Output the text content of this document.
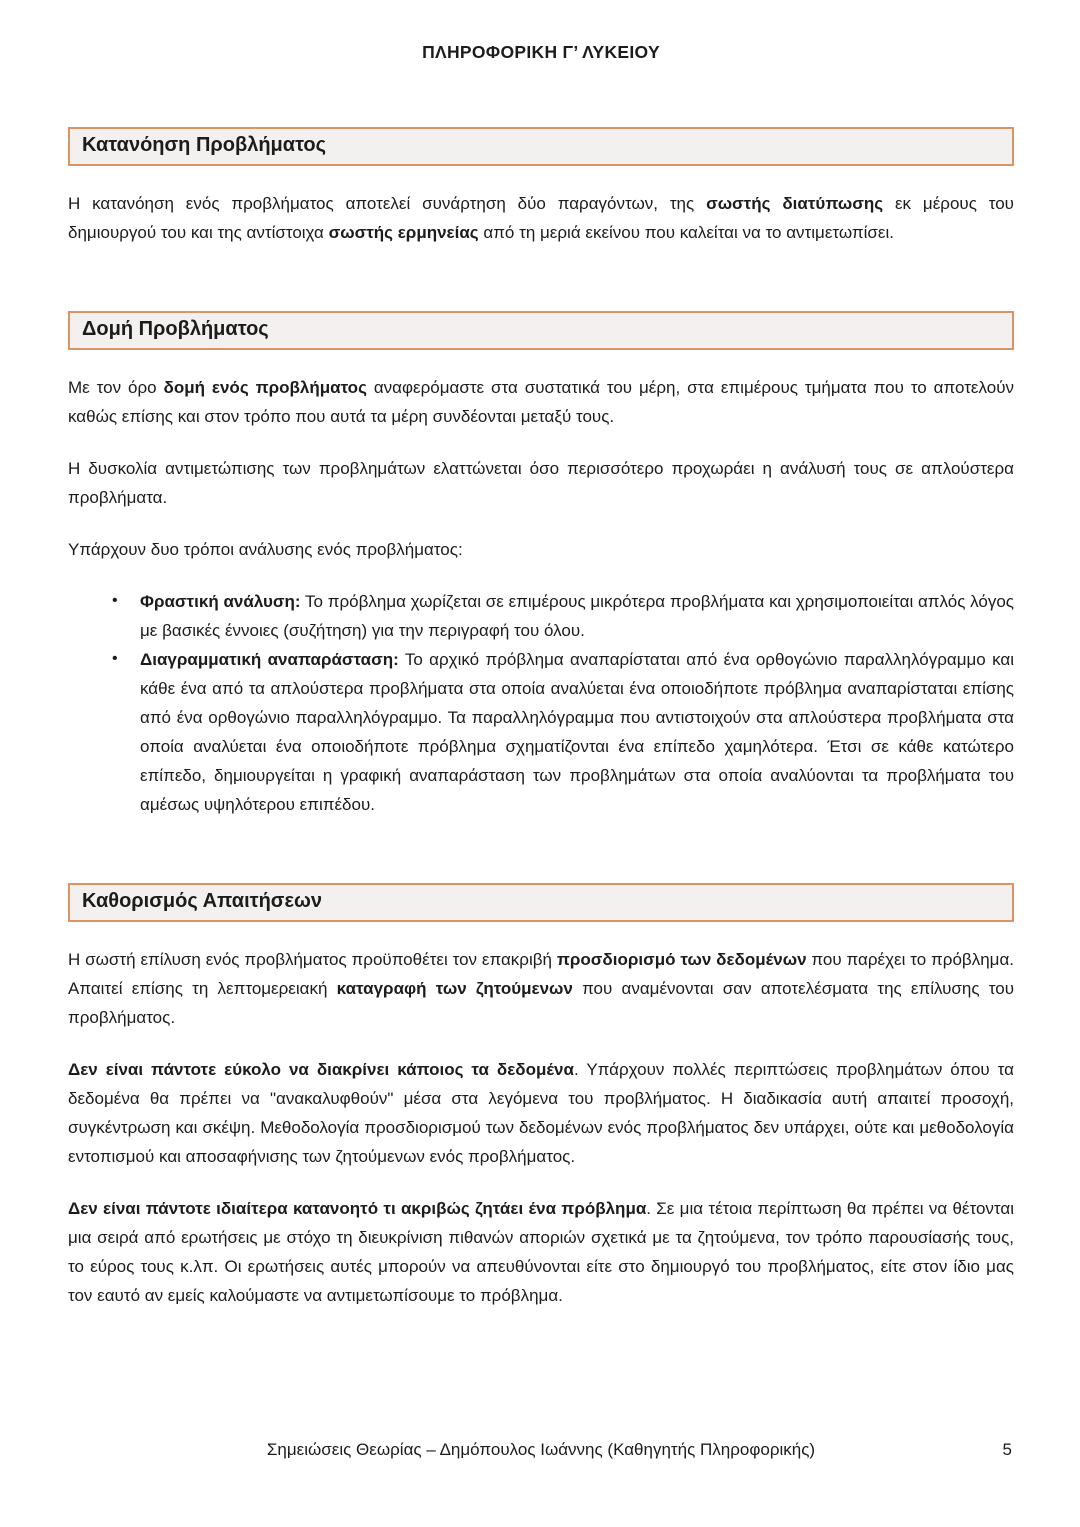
ΠΛΗΡΟΦΟΡΙΚΗ Γ’ ΛΥΚΕΙΟΥ
Κατανόηση Προβλήματος

Η κατανόηση ενός προβλήματος αποτελεί συνάρτηση δύο παραγόντων, της σωστής διατύπωσης εκ μέρους του δημιουργού του και της αντίστοιχα σωστής ερμηνείας από τη μεριά εκείνου που καλείται να το αντιμετωπίσει.

Δομή Προβλήματος

Με τον όρο δομή ενός προβλήματος αναφερόμαστε στα συστατικά του μέρη, στα επιμέρους τμήματα που το αποτελούν καθώς επίσης και στον τρόπο που αυτά τα μέρη συνδέονται μεταξύ τους.

Η δυσκολία αντιμετώπισης των προβλημάτων ελαττώνεται όσο περισσότερο προχωράει η ανάλυσή τους σε απλούστερα προβλήματα.

Υπάρχουν δυο τρόποι ανάλυσης ενός προβλήματος:

• Φραστική ανάλυση: Το πρόβλημα χωρίζεται σε επιμέρους μικρότερα προβλήματα και χρησιμοποιείται απλός λόγος με βασικές έννοιες (συζήτηση) για την περιγραφή του όλου.
• Διαγραμματική αναπαράσταση: Το αρχικό πρόβλημα αναπαρίσταται από ένα ορθογώνιο παραλληλόγραμμο και κάθε ένα από τα απλούστερα προβλήματα στα οποία αναλύεται ένα οποιοδήποτε πρόβλημα αναπαρίσταται επίσης από ένα ορθογώνιο παραλληλόγραμμο. Τα παραλληλόγραμμα που αντιστοιχούν στα απλούστερα προβλήματα στα οποία αναλύεται ένα οποιοδήποτε πρόβλημα σχηματίζονται ένα επίπεδο χαμηλότερα. Έτσι σε κάθε κατώτερο επίπεδο, δημιουργείται η γραφική αναπαράσταση των προβλημάτων στα οποία αναλύονται τα προβλήματα του αμέσως υψηλότερου επιπέδου.
Καθορισμός Απαιτήσεων

Η σωστή επίλυση ενός προβλήματος προϋποθέτει τον επακριβή προσδιορισμό των δεδομένων που παρέχει το πρόβλημα. Απαιτεί επίσης τη λεπτομερειακή καταγραφή των ζητούμενων που αναμένονται σαν αποτελέσματα της επίλυσης του προβλήματος.

Δεν είναι πάντοτε εύκολο να διακρίνει κάποιος τα δεδομένα. Υπάρχουν πολλές περιπτώσεις προβλημάτων όπου τα δεδομένα θα πρέπει να "ανακαλυφθούν" μέσα στα λεγόμενα του προβλήματος. Η διαδικασία αυτή απαιτεί προσοχή, συγκέντρωση και σκέψη. Μεθοδολογία προσδιορισμού των δεδομένων ενός προβλήματος δεν υπάρχει, ούτε και μεθοδολογία εντοπισμού και αποσαφήνισης των ζητούμενων ενός προβλήματος.

Δεν είναι πάντοτε ιδιαίτερα κατανοητό τι ακριβώς ζητάει ένα πρόβλημα. Σε μια τέτοια περίπτωση θα πρέπει να θέτονται μια σειρά από ερωτήσεις με στόχο τη διευκρίνιση πιθανών αποριών σχετικά με τα ζητούμενα, τον τρόπο παρουσίασής τους, το εύρος τους κ.λπ. Οι ερωτήσεις αυτές μπορούν να απευθύνονται είτε στο δημιουργό του προβλήματος, είτε στον ίδιο μας τον εαυτό αν εμείς καλούμαστε να αντιμετωπίσουμε το πρόβλημα.

Σημειώσεις Θεωρίας – Δημόπουλος Ιωάννης (Καθηγητής Πληροφορικής)	5
